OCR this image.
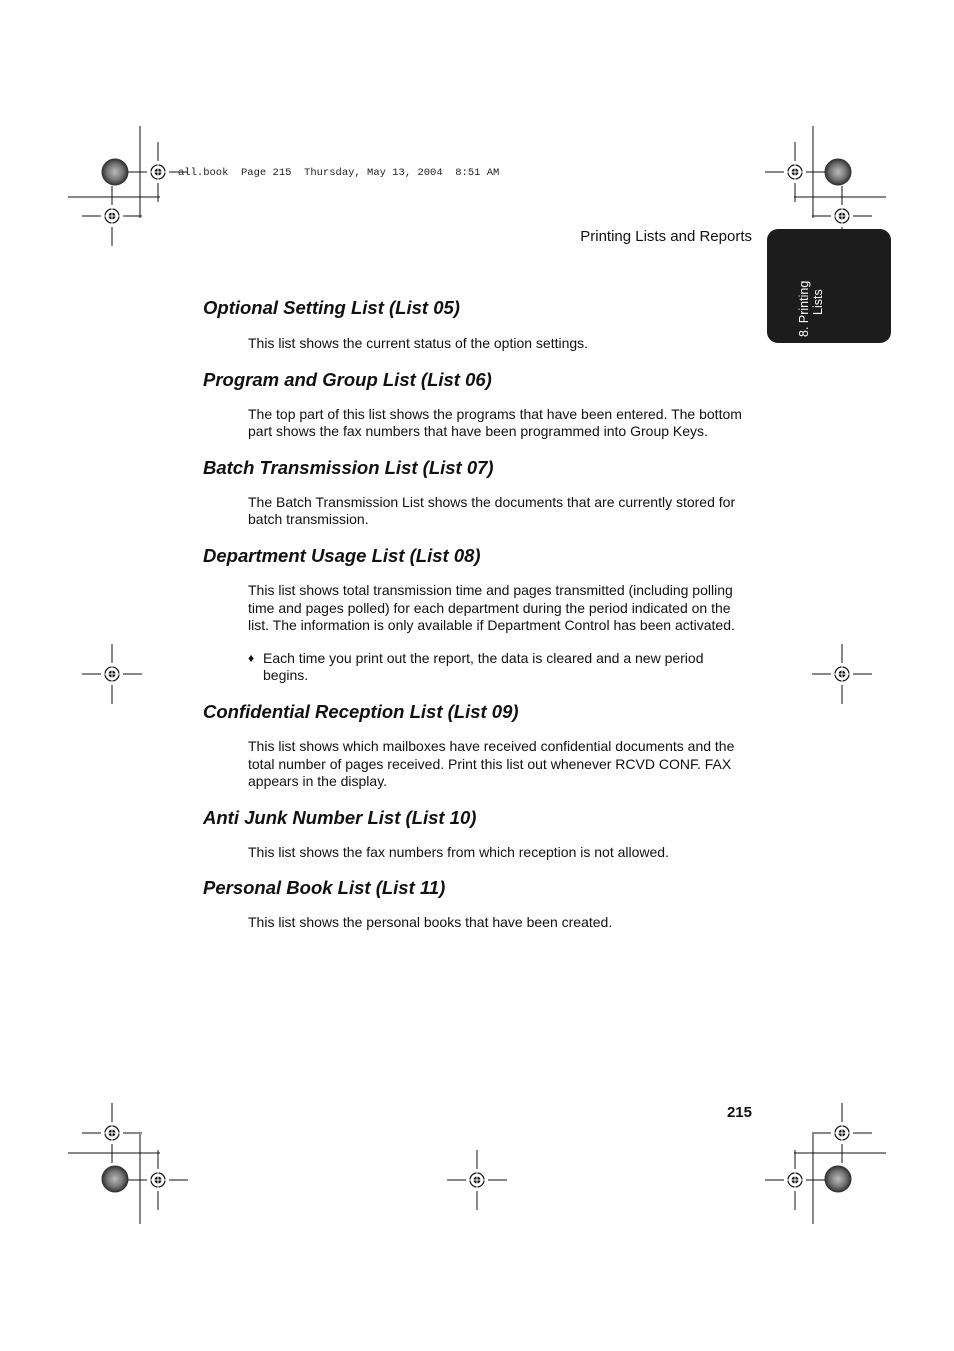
all.book  Page 215  Thursday, May 13, 2004  8:51 AM
Printing Lists and Reports
8. Printing Lists
Optional Setting List (List 05)

This list shows the current status of the option settings.

Program and Group List (List 06)

The top part of this list shows the programs that have been entered. The bottom part shows the fax numbers that have been programmed into Group Keys.

Batch Transmission List (List 07)

The Batch Transmission List shows the documents that are currently stored for batch transmission.

Department Usage List (List 08)

This list shows total transmission time and pages transmitted (including polling time and pages polled) for each department during the period indicated on the list. The information is only available if Department Control has been activated.

♦ Each time you print out the report, the data is cleared and a new period begins.
Confidential Reception List (List 09)

This list shows which mailboxes have received confidential documents and the total number of pages received. Print this list out whenever RCVD CONF. FAX appears in the display.

Anti Junk Number List (List 10)

This list shows the fax numbers from which reception is not allowed.

Personal Book List (List 11)

This list shows the personal books that have been created.

215
